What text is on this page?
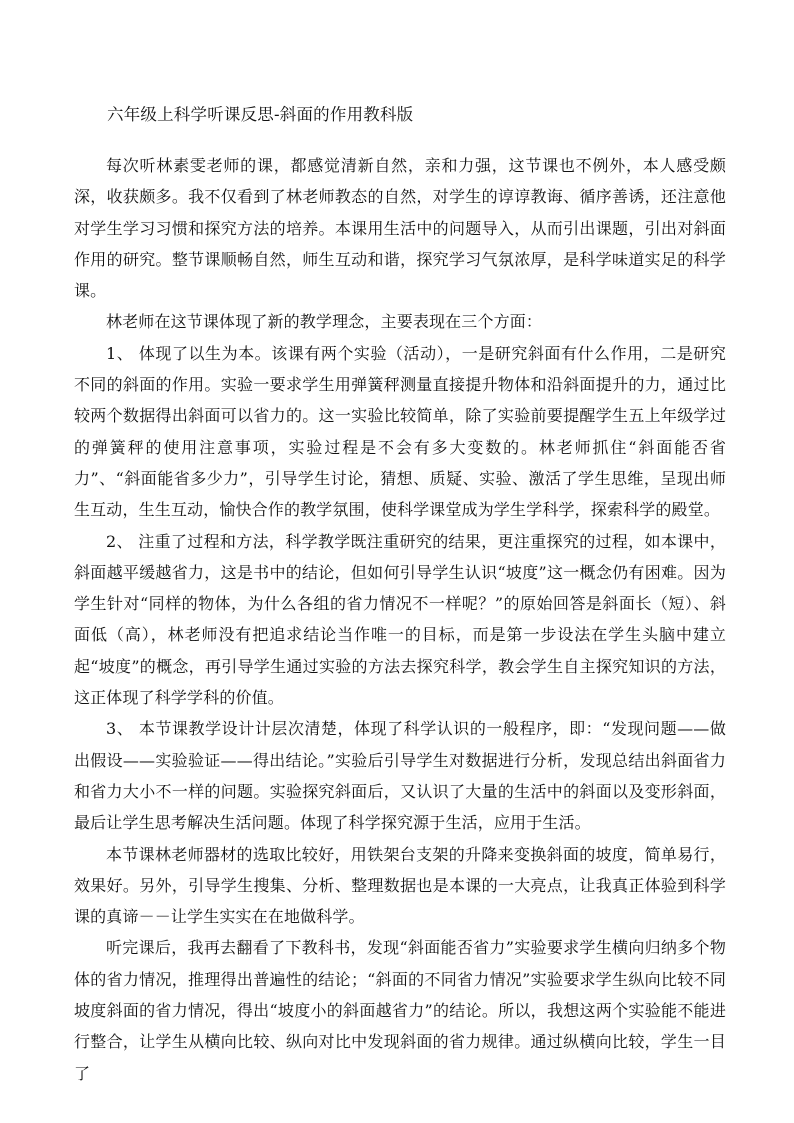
六年级上科学听课反思-斜面的作用教科版

每次听林素雯老师的课，都感觉清新自然，亲和力强，这节课也不例外，本人感受颇深，收获颇多。我不仅看到了林老师教态的自然，对学生的谆谆教诲、循序善诱，还注意他对学生学习习惯和探究方法的培养。本课用生活中的问题导入，从而引出课题，引出对斜面作用的研究。整节课顺畅自然，师生互动和谐，探究学习气氛浓厚，是科学味道实足的科学课。

林老师在这节课体现了新的教学理念，主要表现在三个方面：

1、 体现了以生为本。该课有两个实验（活动），一是研究斜面有什么作用，二是研究不同的斜面的作用。实验一要求学生用弹簧秤测量直接提升物体和沿斜面提升的力，通过比较两个数据得出斜面可以省力的。这一实验比较简单，除了实验前要提醒学生五上年级学过的弹簧秤的使用注意事项，实验过程是不会有多大变数的。林老师抓住“斜面能否省力”、“斜面能省多少力”，引导学生讨论，猜想、质疑、实验、激活了学生思维，呈现出师生互动，生生互动，愉快合作的教学氛围，使科学课堂成为学生学科学，探索科学的殿堂。

2、 注重了过程和方法，科学教学既注重研究的结果，更注重探究的过程，如本课中，斜面越平缓越省力，这是书中的结论，但如何引导学生认识“坡度”这一概念仍有困难。因为学生针对“同样的物体，为什么各组的省力情况不一样呢？”的原始回答是斜面长（短）、斜面低（高），林老师没有把追求结论当作唯一的目标，而是第一步设法在学生头脑中建立起“坡度”的概念，再引导学生通过实验的方法去探究科学，教会学生自主探究知识的方法，这正体现了科学学科的价值。

3、 本节课教学设计计层次清楚，体现了科学认识的一般程序，即：“发现问题——做出假设——实验验证——得出结论。”实验后引导学生对数据进行分析，发现总结出斜面省力和省力大小不一样的问题。实验探究斜面后，又认识了大量的生活中的斜面以及变形斜面，最后让学生思考解决生活问题。体现了科学探究源于生活，应用于生活。

本节课林老师器材的选取比较好，用铁架台支架的升降来变换斜面的坡度，简单易行，效果好。另外，引导学生搜集、分析、整理数据也是本课的一大亮点，让我真正体验到科学课的真谛－－让学生实实在在地做科学。

听完课后，我再去翻看了下教科书，发现“斜面能否省力”实验要求学生横向归纳多个物体的省力情况，推理得出普遍性的结论；“斜面的不同省力情况”实验要求学生纵向比较不同坡度斜面的省力情况，得出“坡度小的斜面越省力”的结论。所以，我想这两个实验能不能进行整合，让学生从横向比较、纵向对比中发现斜面的省力规律。通过纵横向比较，学生一目了
